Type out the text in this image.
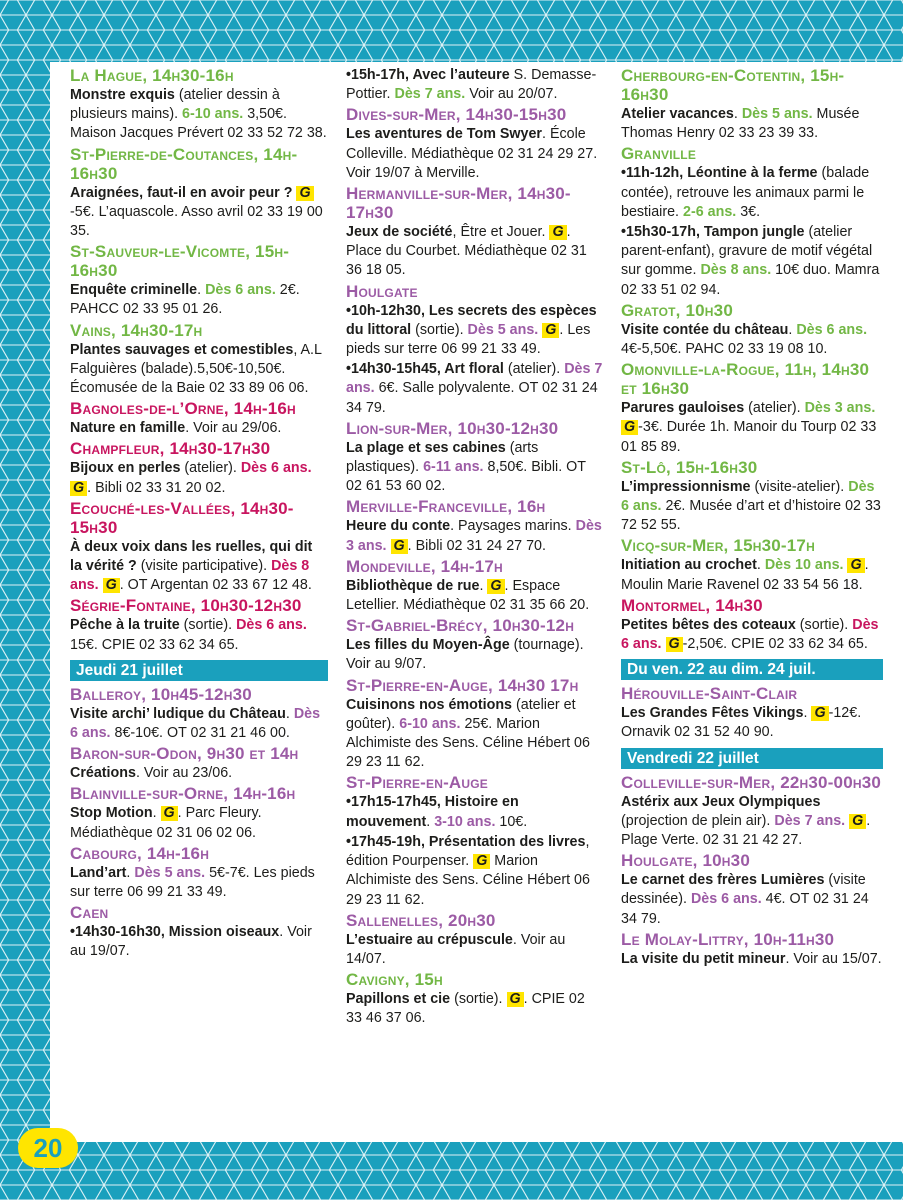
La Hague, 14h30-16h
Monstre exquis (atelier dessin à plusieurs mains). 6-10 ans. 3,50€. Maison Jacques Prévert 02 33 52 72 38.
St-Pierre-de-Coutances, 14h-16h30
Araignées, faut-il en avoir peur ? G-5€. L’aquascole. Asso avril 02 33 19 00 35.
St-Sauveur-le-Vicomte, 15h-16h30
Enquête criminelle. Dès 6 ans. 2€. PAHCC 02 33 95 01 26.
Vains, 14h30-17h
Plantes sauvages et comestibles, A.L Falguières (balade).5,50€-10,50€. Écomusée de la Baie 02 33 89 06 06.
Bagnoles-de-l’Orne, 14h-16h
Nature en famille. Voir au 29/06.
Champfleur, 14h30-17h30
Bijoux en perles (atelier). Dès 6 ans. G . Bibli 02 33 31 20 02.
Ecouché-les-Vallées, 14h30-15h30
À deux voix dans les ruelles, qui dit la vérité ? (visite participative). Dès 8 ans. G . OT Argentan 02 33 67 12 48.
Ségrie-Fontaine, 10h30-12h30
Pêche à la truite (sortie). Dès 6 ans. 15€. CPIE 02 33 62 34 65.
Jeudi 21 juillet
Balleroy, 10h45-12h30
Visite archi’ ludique du Château. Dès 6 ans. 8€-10€. OT 02 31 21 46 00.
Baron-sur-Odon, 9h30 et 14h
Créations. Voir au 23/06.
Blainville-sur-Orne, 14h-16h
Stop Motion. G . Parc Fleury. Médiathèque 02 31 06 02 06.
Cabourg, 14h-16h
Land’art. Dès 5 ans. 5€-7€. Les pieds sur terre 06 99 21 33 49.
Caen
•14h30-16h30, Mission oiseaux. Voir au 19/07.
•15h-17h, Avec l’auteure S. Demasse-Pottier. Dès 7 ans. Voir au 20/07.
Dives-sur-Mer, 14h30-15h30
Les aventures de Tom Swyer. École Colleville. Médiathèque 02 31 24 29 27. Voir 19/07 à Merville.
Hermanville-sur-Mer, 14h30-17h30
Jeux de société, Être et Jouer. G . Place du Courbet. Médiathèque 02 31 36 18 05.
Houlgate
•10h-12h30, Les secrets des espèces du littoral (sortie). Dès 5 ans. G . Les pieds sur terre 06 99 21 33 49.
•14h30-15h45, Art floral (atelier). Dès 7 ans. 6€. Salle polyvalente. OT 02 31 24 34 79.
Lion-sur-Mer, 10h30-12h30
La plage et ses cabines (arts plastiques). 6-11 ans. 8,50€. Bibli. OT 02 61 53 60 02.
Merville-Franceville, 16h
Heure du conte. Paysages marins. Dès 3 ans. G . Bibli 02 31 24 27 70.
Mondeville, 14h-17h
Bibliothèque de rue. G . Espace Letellier. Médiathèque 02 31 35 66 20.
St-Gabriel-Brécy, 10h30-12h
Les filles du Moyen-Âge (tournage). Voir au 9/07.
St-Pierre-en-Auge, 14h30 17h
Cuisinons nos émotions (atelier et goûter). 6-10 ans. 25€. Marion Alchimiste des Sens. Céline Hébert 06 29 23 11 62.
St-Pierre-en-Auge
•17h15-17h45, Histoire en mouvement. 3-10 ans. 10€.
•17h45-19h, Présentation des livres, édition Pourpenser. G Marion Alchimiste des Sens. Céline Hébert 06 29 23 11 62.
Sallenelles, 20h30
L’estuaire au crépuscule. Voir au 14/07.
Cavigny, 15h
Papillons et cie (sortie). G . CPIE 02 33 46 37 06.
Cherbourg-en-Cotentin, 15h-16h30
Atelier vacances. Dès 5 ans. Musée Thomas Henry 02 33 23 39 33.
Granville
•11h-12h, Léontine à la ferme (balade contée), retrouve les animaux parmi le bestiaire. 2-6 ans. 3€.
•15h30-17h, Tampon jungle (atelier parent-enfant), gravure de motif végétal sur gomme. Dès 8 ans. 10€ duo. Mamra 02 33 51 02 94.
Gratot, 10h30
Visite contée du château. Dès 6 ans. 4€-5,50€. PAHC 02 33 19 08 10.
Omonville-la-Rogue, 11h, 14h30 et 16h30
Parures gauloises (atelier). Dès 3 ans. G -3€. Durée 1h. Manoir du Tourp 02 33 01 85 89.
St-Lô, 15h-16h30
L’impressionnisme (visite-atelier). Dès 6 ans. 2€. Musée d’art et d’histoire 02 33 72 52 55.
Vicq-sur-Mer, 15h30-17h
Initiation au crochet. Dès 10 ans. G . Moulin Marie Ravenel 02 33 54 56 18.
Montormel, 14h30
Petites bêtes des coteaux (sortie). Dès 6 ans. G -2,50€. CPIE 02 33 62 34 65.
Du ven. 22 au dim. 24 juil.
Hérouville-Saint-Clair
Les Grandes Fêtes Vikings. G -12€. Ornavik 02 31 52 40 90.
Vendredi 22 juillet
Colleville-sur-Mer, 22h30-00h30
Astérix aux Jeux Olympiques (projection de plein air). Dès 7 ans. G . Plage Verte. 02 31 21 42 27.
Houlgate, 10h30
Le carnet des frères Lumières (visite dessinée). Dès 6 ans. 4€. OT 02 31 24 34 79.
Le Molay-Littry, 10h-11h30
La visite du petit mineur. Voir au 15/07.
20
